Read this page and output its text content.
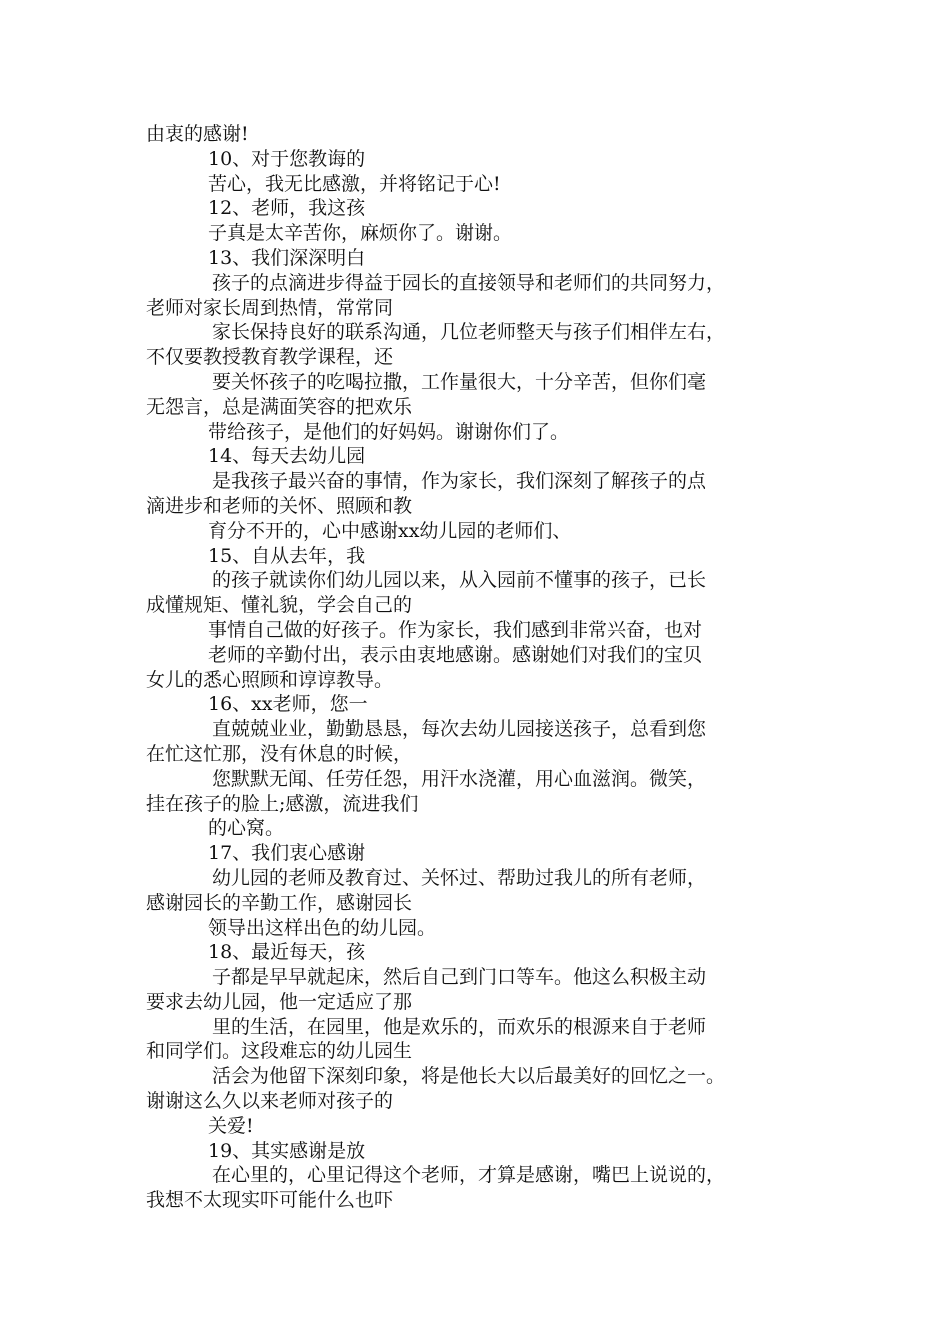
由衷的感谢!
10、对于您教诲的
苦心，我无比感激，并将铭记于心!
12、老师，我这孩
子真是太辛苦你，麻烦你了。谢谢。
13、我们深深明白
孩子的点滴进步得益于园长的直接领导和老师们的共同努力，
老师对家长周到热情，常常同
家长保持良好的联系沟通，几位老师整天与孩子们相伴左右，
不仅要教授教育教学课程，还
要关怀孩子的吃喝拉撒，工作量很大，十分辛苦，但你们毫
无怨言，总是满面笑容的把欢乐
带给孩子，是他们的好妈妈。谢谢你们了。
14、每天去幼儿园
是我孩子最兴奋的事情，作为家长，我们深刻了解孩子的点
滴进步和老师的关怀、照顾和教
育分不开的，心中感谢xx幼儿园的老师们、
15、自从去年，我
的孩子就读你们幼儿园以来，从入园前不懂事的孩子，已长
成懂规矩、懂礼貌，学会自己的
事情自己做的好孩子。作为家长，我们感到非常兴奋，也对
老师的辛勤付出，表示由衷地感谢。感谢她们对我们的宝贝
女儿的悉心照顾和谆谆教导。
16、xx老师，您一
直兢兢业业，勤勤恳恳，每次去幼儿园接送孩子，总看到您
在忙这忙那，没有休息的时候，
您默默无闻、任劳任怨，用汗水浇灌，用心血滋润。微笑，
挂在孩子的脸上;感激，流进我们
的心窝。
17、我们衷心感谢
幼儿园的老师及教育过、关怀过、帮助过我儿的所有老师，
感谢园长的辛勤工作，感谢园长
领导出这样出色的幼儿园。
18、最近每天，孩
子都是早早就起床，然后自己到门口等车。他这么积极主动
要求去幼儿园，他一定适应了那
里的生活，在园里，他是欢乐的，而欢乐的根源来自于老师
和同学们。这段难忘的幼儿园生
活会为他留下深刻印象，将是他长大以后最美好的回忆之一。
谢谢这么久以来老师对孩子的
关爱!
19、其实感谢是放
在心里的，心里记得这个老师，才算是感谢，嘴巴上说说的，
我想不太现实吓可能什么也吓
